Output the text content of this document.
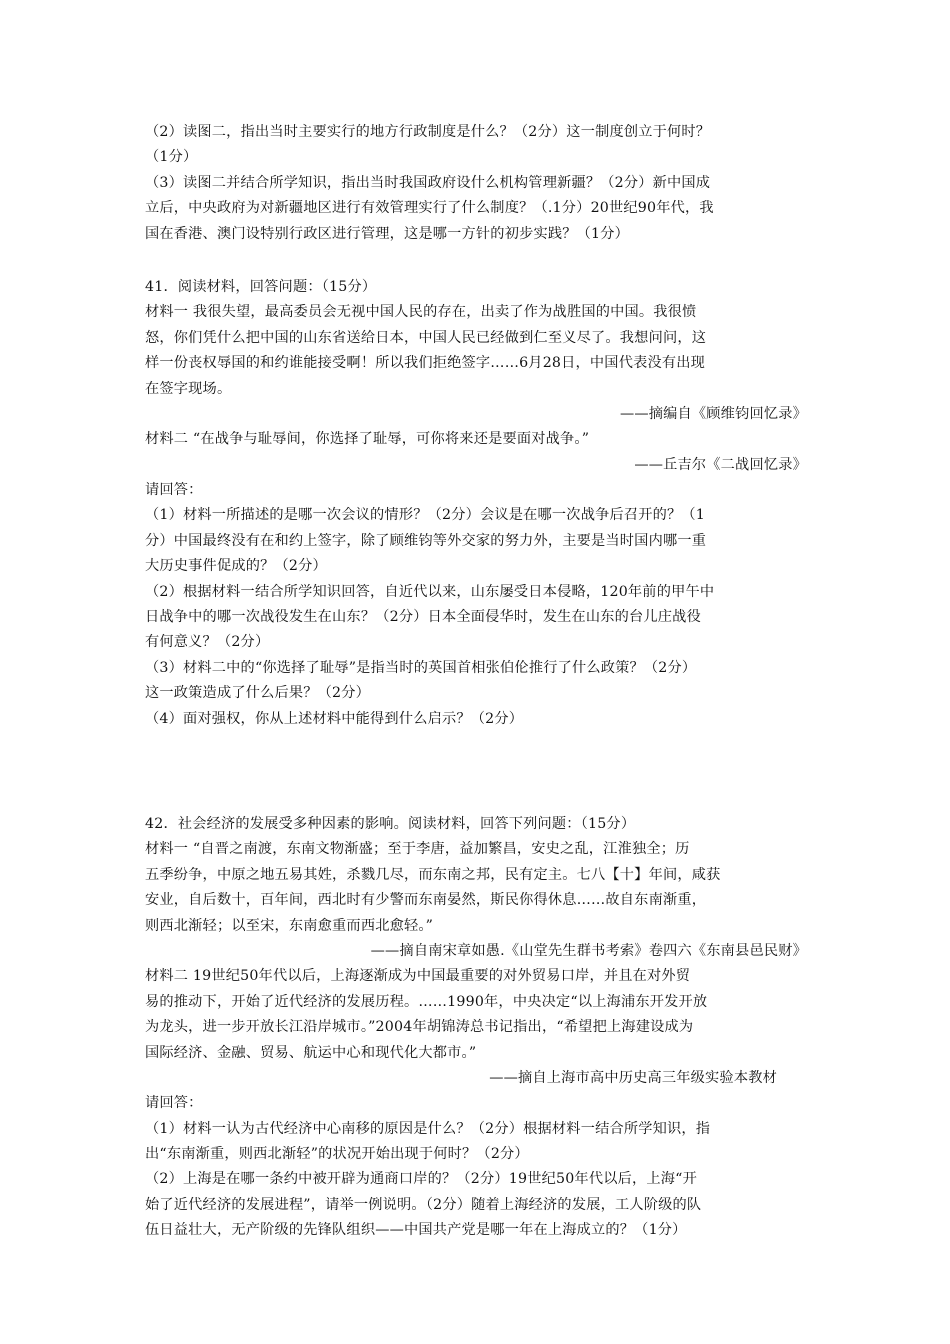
（2）读图二，指出当时主要实行的地方行政制度是什么？（2分）这一制度创立于何时？
（1分）
（3）读图二并结合所学知识，指出当时我国政府设什么机构管理新疆？（2分）新中国成
立后，中央政府为对新疆地区进行有效管理实行了什么制度？（.1分）20世纪90年代，我
国在香港、澳门设特别行政区进行管理，这是哪一方针的初步实践？（1分）
41．阅读材料，回答问题：（15分）
材料一 我很失望，最高委员会无视中国人民的存在，出卖了作为战胜国的中国。我很愤
怒，你们凭什么把中国的山东省送给日本，中国人民已经做到仁至义尽了。我想问问，这
样一份丧权辱国的和约谁能接受啊！所以我们拒绝签字……6月28日，中国代表没有出现
在签字现场。
——摘编自《顾维钧回忆录》
材料二 “在战争与耻辱间，你选择了耻辱，可你将来还是要面对战争。”
——丘吉尔《二战回忆录》
请回答：
（1）材料一所描述的是哪一次会议的情形？（2分）会议是在哪一次战争后召开的？（1
分）中国最终没有在和约上签字，除了顾维钧等外交家的努力外，主要是当时国内哪一重
大历史事件促成的？（2分）
（2）根据材料一结合所学知识回答，自近代以来，山东屡受日本侵略，120年前的甲午中
日战争中的哪一次战役发生在山东？（2分）日本全面侵华时，发生在山东的台儿庄战役
有何意义？（2分）
（3）材料二中的“你选择了耻辱”是指当时的英国首相张伯伦推行了什么政策？（2分）
这一政策造成了什么后果？（2分）
（4）面对强权，你从上述材料中能得到什么启示？（2分）
42．社会经济的发展受多种因素的影响。阅读材料，回答下列问题：（15分）
材料一 “自晋之南渡，东南文物渐盛；至于李唐，益加繁昌，安史之乱，江淮独全；历
五季纷争，中原之地五易其姓，杀戮几尽，而东南之邦，民有定主。七八【十】年间，咸获
安业，自后数十，百年间，西北时有少警而东南晏然，斯民你得休息……故自东南渐重，
则西北渐轻；以至宋，东南愈重而西北愈轻。”
——摘自南宋章如愚.《山堂先生群书考索》卷四六《东南县邑民财》
材料二 19世纪50年代以后，上海逐渐成为中国最重要的对外贸易口岸，并且在对外贸
易的推动下，开始了近代经济的发展历程。……1990年，中央决定“以上海浦东开发开放
为龙头，进一步开放长江沿岸城市。”2004年胡锦涛总书记指出，“希望把上海建设成为
国际经济、金融、贸易、航运中心和现代化大都市。”
——摘自上海市高中历史高三年级实验本教材
请回答：
（1）材料一认为古代经济中心南移的原因是什么？（2分）根据材料一结合所学知识，指
出“东南渐重，则西北渐轻”的状况开始出现于何时？（2分）
（2）上海是在哪一条约中被开辟为通商口岸的？（2分）19世纪50年代以后，上海“开
始了近代经济的发展进程”，请举一例说明。（2分）随着上海经济的发展，工人阶级的队
伍日益壮大，无产阶级的先锋队组织——中国共产党是哪一年在上海成立的？（1分）
